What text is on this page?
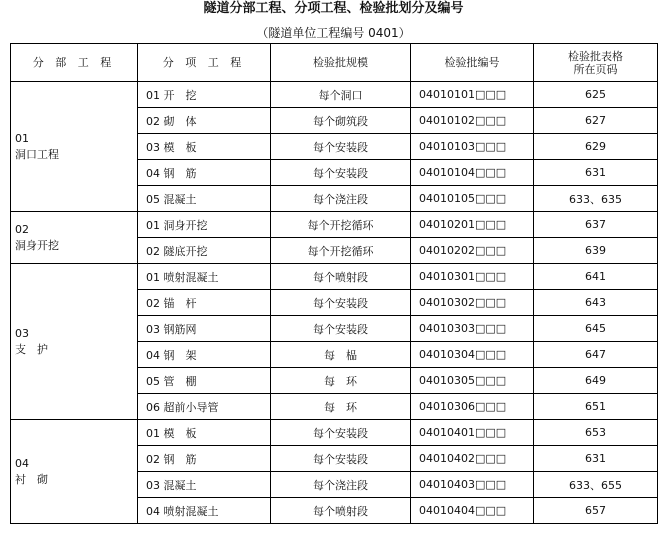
隧道分部工程、分项工程、检验批划分及编号
（隧道单位工程编号 0401）
分 部 工 程	分 项 工 程	检验批规模	检验批编号	检验批表格
所在页码

01
洞口工程	01 开　挖	每个洞口	04010101□□□	625
	02 砌　体	每个砌筑段	04010102□□□	627
	03 模　板	每个安装段	04010103□□□	629
	04 钢　筋	每个安装段	04010104□□□	631
	05 混凝土	每个浇注段	04010105□□□	633、635

02
洞身开挖	01 洞身开挖	每个开挖循环	04010201□□□	637
	02 隧底开挖	每个开挖循环	04010202□□□	639

03
支　护	01 喷射混凝土	每个喷射段	04010301□□□	641
	02 锚　杆	每个安装段	04010302□□□	643
	03 钢筋网	每个安装段	04010303□□□	645
	04 钢　架	每　榀	04010304□□□	647
	05 管　棚	每　环	04010305□□□	649
	06 超前小导管	每　环	04010306□□□	651

04
衬　砌	01 模　板	每个安装段	04010401□□□	653
	02 钢　筋	每个安装段	04010402□□□	631
	03 混凝土	每个浇注段	04010403□□□	633、655
	04 喷射混凝土	每个喷射段	04010404□□□	657
